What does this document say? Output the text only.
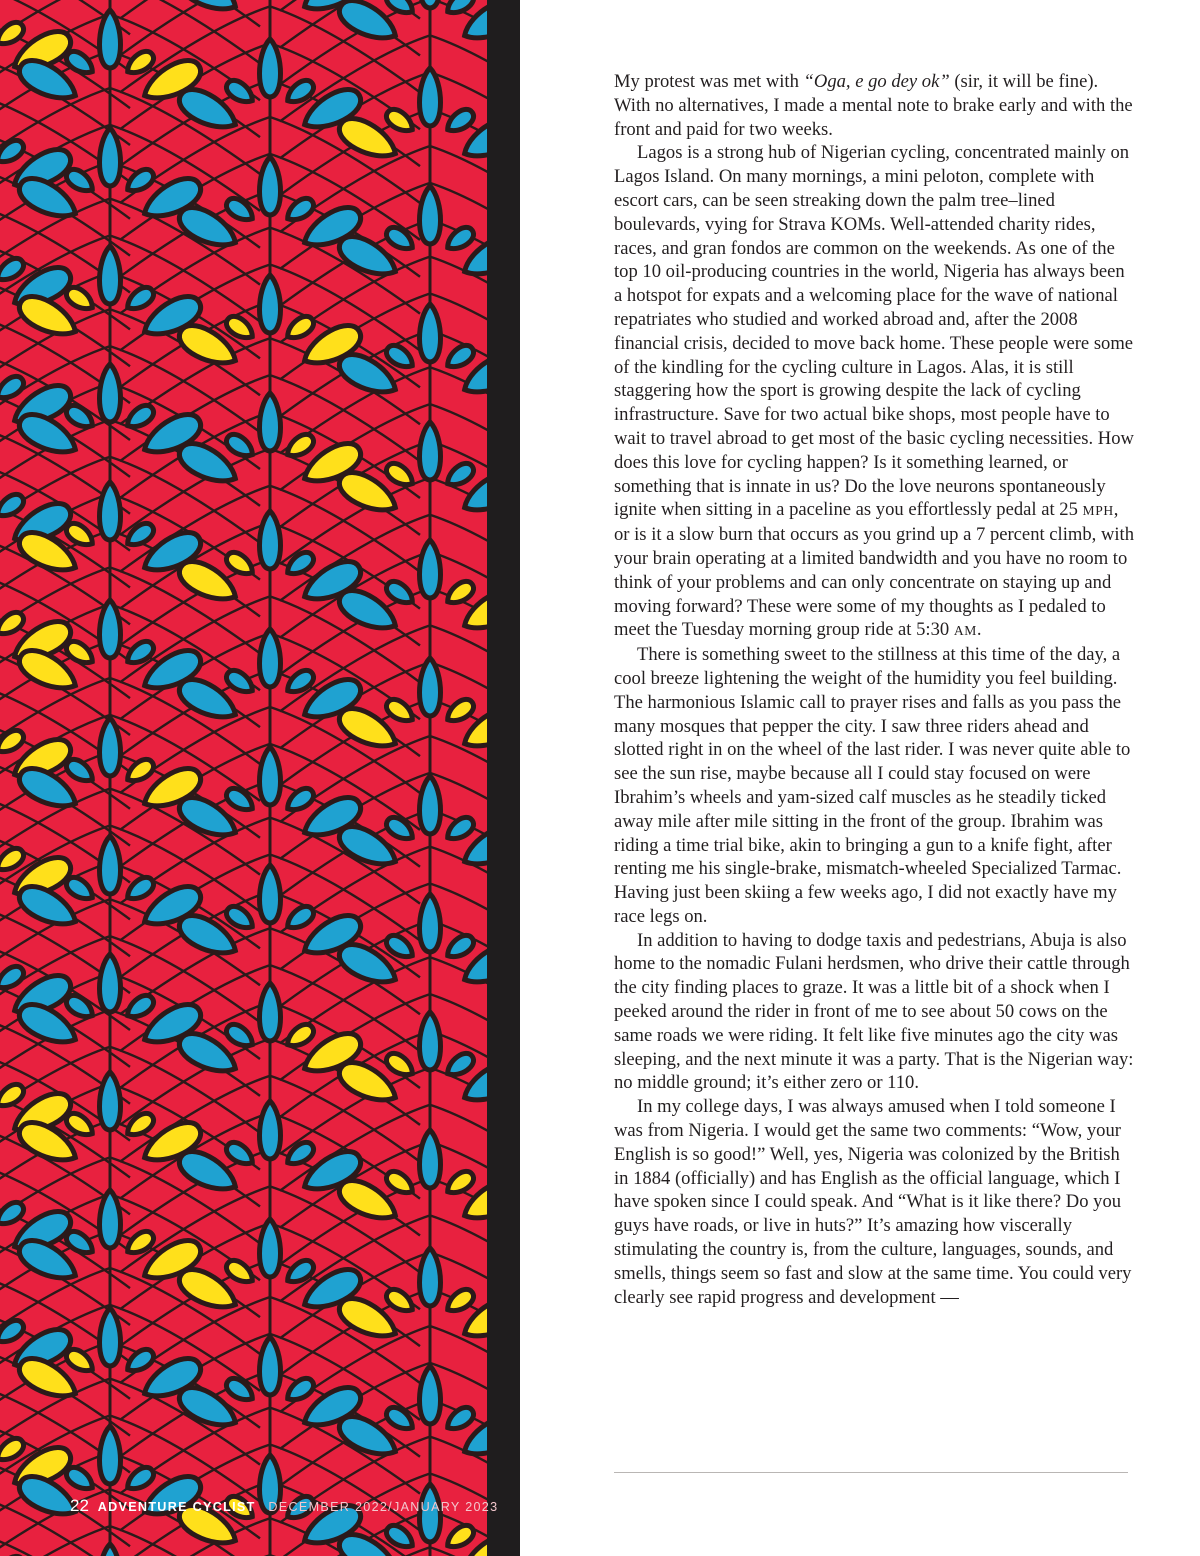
My protest was met with “Oga, e go dey ok” (sir, it will be fine). With no alternatives, I made a mental note to brake early and with the front and paid for two weeks.

Lagos is a strong hub of Nigerian cycling, concentrated mainly on Lagos Island. On many mornings, a mini peloton, complete with escort cars, can be seen streaking down the palm tree–lined boulevards, vying for Strava KOMs. Well-attended charity rides, races, and gran fondos are common on the weekends. As one of the top 10 oil-producing countries in the world, Nigeria has always been a hotspot for expats and a welcoming place for the wave of national repatriates who studied and worked abroad and, after the 2008 financial crisis, decided to move back home. These people were some of the kindling for the cycling culture in Lagos. Alas, it is still staggering how the sport is growing despite the lack of cycling infrastructure. Save for two actual bike shops, most people have to wait to travel abroad to get most of the basic cycling necessities. How does this love for cycling happen? Is it something learned, or something that is innate in us? Do the love neurons spontaneously ignite when sitting in a paceline as you effortlessly pedal at 25 MPH, or is it a slow burn that occurs as you grind up a 7 percent climb, with your brain operating at a limited bandwidth and you have no room to think of your problems and can only concentrate on staying up and moving forward? These were some of my thoughts as I pedaled to meet the Tuesday morning group ride at 5:30 AM.

There is something sweet to the stillness at this time of the day, a cool breeze lightening the weight of the humidity you feel building. The harmonious Islamic call to prayer rises and falls as you pass the many mosques that pepper the city. I saw three riders ahead and slotted right in on the wheel of the last rider. I was never quite able to see the sun rise, maybe because all I could stay focused on were Ibrahim’s wheels and yam-sized calf muscles as he steadily ticked away mile after mile sitting in the front of the group. Ibrahim was riding a time trial bike, akin to bringing a gun to a knife fight, after renting me his single-brake, mismatch-wheeled Specialized Tarmac. Having just been skiing a few weeks ago, I did not exactly have my race legs on.

In addition to having to dodge taxis and pedestrians, Abuja is also home to the nomadic Fulani herdsmen, who drive their cattle through the city finding places to graze. It was a little bit of a shock when I peeked around the rider in front of me to see about 50 cows on the same roads we were riding. It felt like five minutes ago the city was sleeping, and the next minute it was a party. That is the Nigerian way: no middle ground; it’s either zero or 110.

In my college days, I was always amused when I told someone I was from Nigeria. I would get the same two comments: “Wow, your English is so good!” Well, yes, Nigeria was colonized by the British in 1884 (officially) and has English as the official language, which I have spoken since I could speak. And “What is it like there? Do you guys have roads, or live in huts?” It’s amazing how viscerally stimulating the country is, from the culture, languages, sounds, and smells, things seem so fast and slow at the same time. You could very clearly see rapid progress and development —

22 ADVENTURE CYCLIST DECEMBER 2022/JANUARY 2023
